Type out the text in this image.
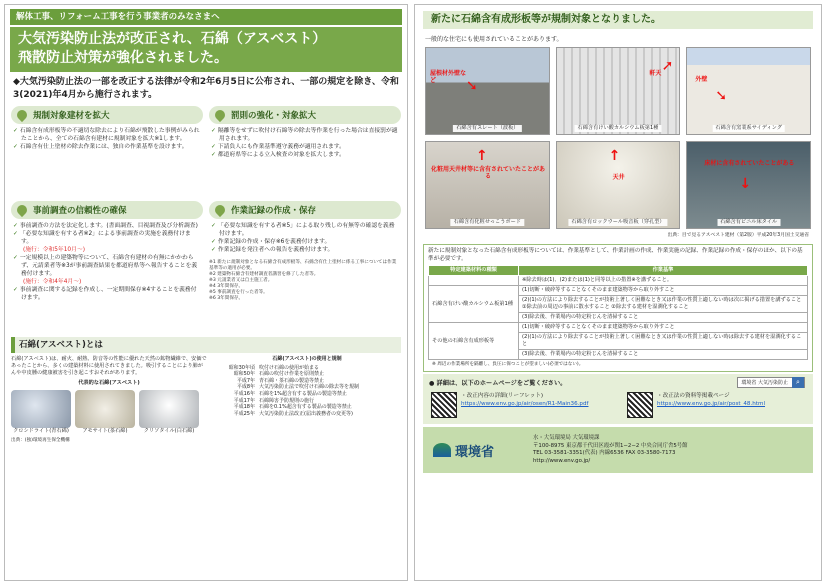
解体工事、リフォーム工事を行う事業者のみなさまへ
大気汚染防止法が改正され、石綿（アスベスト）
飛散防止対策が強化されました。
◆大気汚染防止法の一部を改正する法律が令和2年6月5日に公布され、一部の規定を除き、令和3(2021)年4月から施行されます。
規制対象建材を拡大
✓ 石綿含有成形板等の不適切な除去により石綿が飛散した事例がみられたことから、全ての石綿含有建材に規制対象を拡大※1します。
✓ 石綿含有仕上塗材の除去作業には、独自の作業基準を設けます。
罰則の強化・対象拡大
✓ 隔離等をせずに吹付け石綿等の除去等作業を行った場合は直接罰が適用されます。
✓ 下請負人にも作業基準遵守義務が適用されます。
✓ 都道府県等による立入検査の対象を拡大します。
事前調査の信頼性の確保
✓ 事前調査の方法を法定化します。(書面調査、目視調査及び分析調査)
✓ 「必要な知識を有する者※2」による事前調査の実施を義務付けます。
(施行：令和5年10月～)
✓ 一定規模以上の建築物等について、石綿含有建材の有無にかかわらず、元請業者等※3が事前調査結果を都道府県等へ報告することを義務付けます。
(施行：令和4年4月～)
✓ 事前調査に関する記録を作成し、一定期間保存※4することを義務付けます。
作業記録の作成・保存
✓ 「必要な知識を有する者※5」による取り残しの有無等の確認を義務付けます。
✓ 作業記録の作成・保存※6を義務付けます。
✓ 作業記録を発注者への報告を義務付けます。
※1 新たに規制対象となる石綿含有成形板等、石綿含有仕上塗材に係る工事については作業基準等の適用が必要。
※2 建築物石綿含有建材調査者講習を修了した者等。
※3 元請業者又は自主施工者。
※4 3年間保存。
※5 事前調査を行った者等。
※6 3年間保存。
石綿(アスベスト)とは
石綿(アスベスト)は、耐火、耐熱、防音等の性能に優れた天然の鉱物繊維で、安価であったことから、多くの建築材料に使用されてきました。吸引することにより肺がんや中皮腫の健康被害を引き起こすおそれがあります。
代表的な石綿(アスベスト)
クロシドライト(青石綿)	アモサイト(茶石綿)	クリソタイル(白石綿)
出典：(独)環境再生保全機構
石綿(アスベスト)の使用と規制
昭和30年頃 吹付け石綿の使用が始まる
昭和50年 石綿の吹付け作業を原則禁止
平成7年 青石綿・茶石綿の製造等禁止
平成8年 大気汚染防止法で吹付け石綿の除去等を規制
平成16年 石綿を1%超含有する製品の製造等禁止
平成17年 石綿障害予防規則の施行
平成18年 石綿を0.1%超含有する製品の製造等禁止
平成25年 大気汚染防止法改正(届出義務者の変更等)
新たに石綿含有成形板等が規制対象となりました。
一般的な住宅にも使用されていることがあります。
屋根材外壁など	➘
石綿含有スレート（波板）
軒天 ➚
石綿含有けい酸カルシウム板第1種
外壁
➘
石綿含有窯業系サイディング
↑
化粧用天井材等に含有されていたことがある
石綿含有化粧せっこうボード
↑
天井
石綿含有ロックウール吸音板（穿孔型）
床材に含有されていたことがある
↓
石綿含有ビニル床タイル
出典：目で見るアスベスト建材（第2版）平成20年3月国土交通省

新たに規制対象となった石綿含有成形板等については、作業基準として、作業計画の作成、作業実施の記録、作業記録の作成・保存のほか、以下の基準が必要です。

特定建築材料の種類	作業基準
	※除去時は(1)、(2)または(1)と同等以上の措置※を講ずること。
石綿含有けい酸カルシウム板第1種	(1)切断・破砕等することなくそのまま建築物等から取り外すこと
	(2)(1)の方法により除去することが技術上著しく困難なとき又は作業の性質上適しない時は次に掲げる措置を講ずること ①除去前の周辺の事前に散水すること ②除去する建材を湿潤化すること
	(3)除去後、作業場内の特定粉じんを清掃すること
その他の石綿含有成形板等	(1)切断・破砕等することなくそのまま建築物等から取り外すこと
	(2)(1)の方法により除去することが技術上著しく困難なとき又は作業の性質上適しない時は除去する建材を湿潤化すること
	(3)除去後、作業場内の特定粉じんを清掃すること
※ 周辺の作業場所を隔離し、負圧に保つことが望ましい(必須ではない)。
● 詳細は、以下のホームページをご覧ください。	環境省 大気汚染防止	⌕
・改正内容の詳細(リーフレット)
https://www.env.go.jp/air/osen/R1-Main36.pdf
・改正法の資料等掲載ページ
https://www.env.go.jp/air/post_48.html
環境省
水・大気環境局 大気環境課
〒100-8975 東京都千代田区霞が関1−2−2 中央合同庁舎5号館
TEL 03-3581-3351(代表) 内線6536 FAX 03-3580-7173
http://www.env.go.jp/
